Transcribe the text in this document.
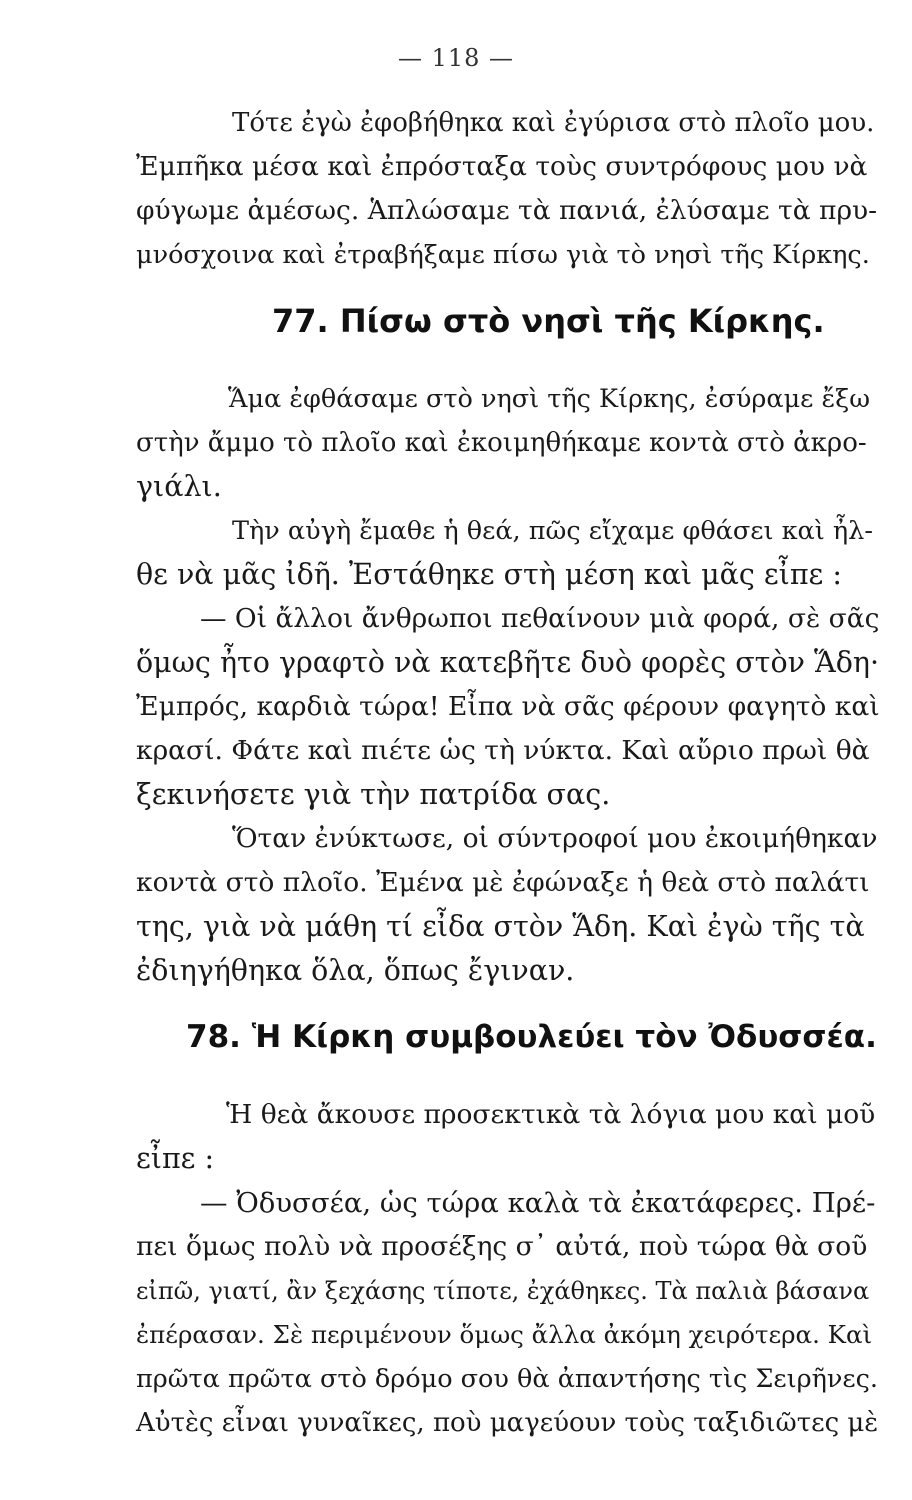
— 118 —
Τότε ἐγὼ ἐφοβήθηκα καὶ ἐγύρισα στὸ πλοῖο μου.
Ἐμπῆκα μέσα καὶ ἐπρόσταξα τοὺς συντρόφους μου νὰ
φύγωμε ἀμέσως. Ἁπλώσαμε τὰ πανιά, ἐλύσαμε τὰ πρυ-
μνόσχοινα καὶ ἐτραβήξαμε πίσω γιὰ τὸ νησὶ τῆς Κίρκης.
77. Πίσω στὸ νησὶ τῆς Κίρκης.
Ἅμα ἐφθάσαμε στὸ νησὶ τῆς Κίρκης, ἐσύραμε ἔξω
στὴν ἄμμο τὸ πλοῖο καὶ ἐκοιμηθήκαμε κοντὰ στὸ ἀκρο-
γιάλι.
Τὴν αὐγὴ ἔμαθε ἡ θεά, πῶς εἴχαμε φθάσει καὶ ἦλ-
θε νὰ μᾶς ἰδῆ. Ἐστάθηκε στὴ μέση καὶ μᾶς εἶπε :
— Οἱ ἄλλοι ἄνθρωποι πεθαίνουν μιὰ φορά, σὲ σᾶς
ὅμως ἦτο γραφτὸ νὰ κατεβῆτε δυὸ φορὲς στὸν Ἅδη·
Ἐμπρός, καρδιὰ τώρα! Εἶπα νὰ σᾶς φέρουν φαγητὸ καὶ
κρασί. Φάτε καὶ πιέτε ὡς τὴ νύκτα. Καὶ αὔριο πρωὶ θὰ
ξεκινήσετε γιὰ τὴν πατρίδα σας.
Ὅταν ἐνύκτωσε, οἱ σύντροφοί μου ἐκοιμήθηκαν
κοντὰ στὸ πλοῖο. Ἐμένα μὲ ἐφώναξε ἡ θεὰ στὸ παλάτι
της, γιὰ νὰ μάθη τί εἶδα στὸν Ἅδη. Καὶ ἐγὼ τῆς τὰ
ἐδιηγήθηκα ὅλα, ὅπως ἔγιναν.
78. Ἡ Κίρκη συμβουλεύει τὸν Ὀδυσσέα.
Ἡ θεὰ ἄκουσε προσεκτικὰ τὰ λόγια μου καὶ μοῦ
εἶπε :
— Ὀδυσσέα, ὡς τώρα καλὰ τὰ ἐκατάφερες. Πρέ-
πει ὅμως πολὺ νὰ προσέξης σ᾽ αὐτά, ποὺ τώρα θὰ σοῦ
εἰπῶ, γιατί, ἂν ξεχάσης τίποτε, ἐχάθηκες. Τὰ παλιὰ βάσανα
ἐπέρασαν. Σὲ περιμένουν ὅμως ἄλλα ἀκόμη χειρότερα. Καὶ
πρῶτα πρῶτα στὸ δρόμο σου θὰ ἀπαντήσης τὶς Σειρῆνες.
Αὐτὲς εἶναι γυναῖκες, ποὺ μαγεύουν τοὺς ταξιδιῶτες μὲ
